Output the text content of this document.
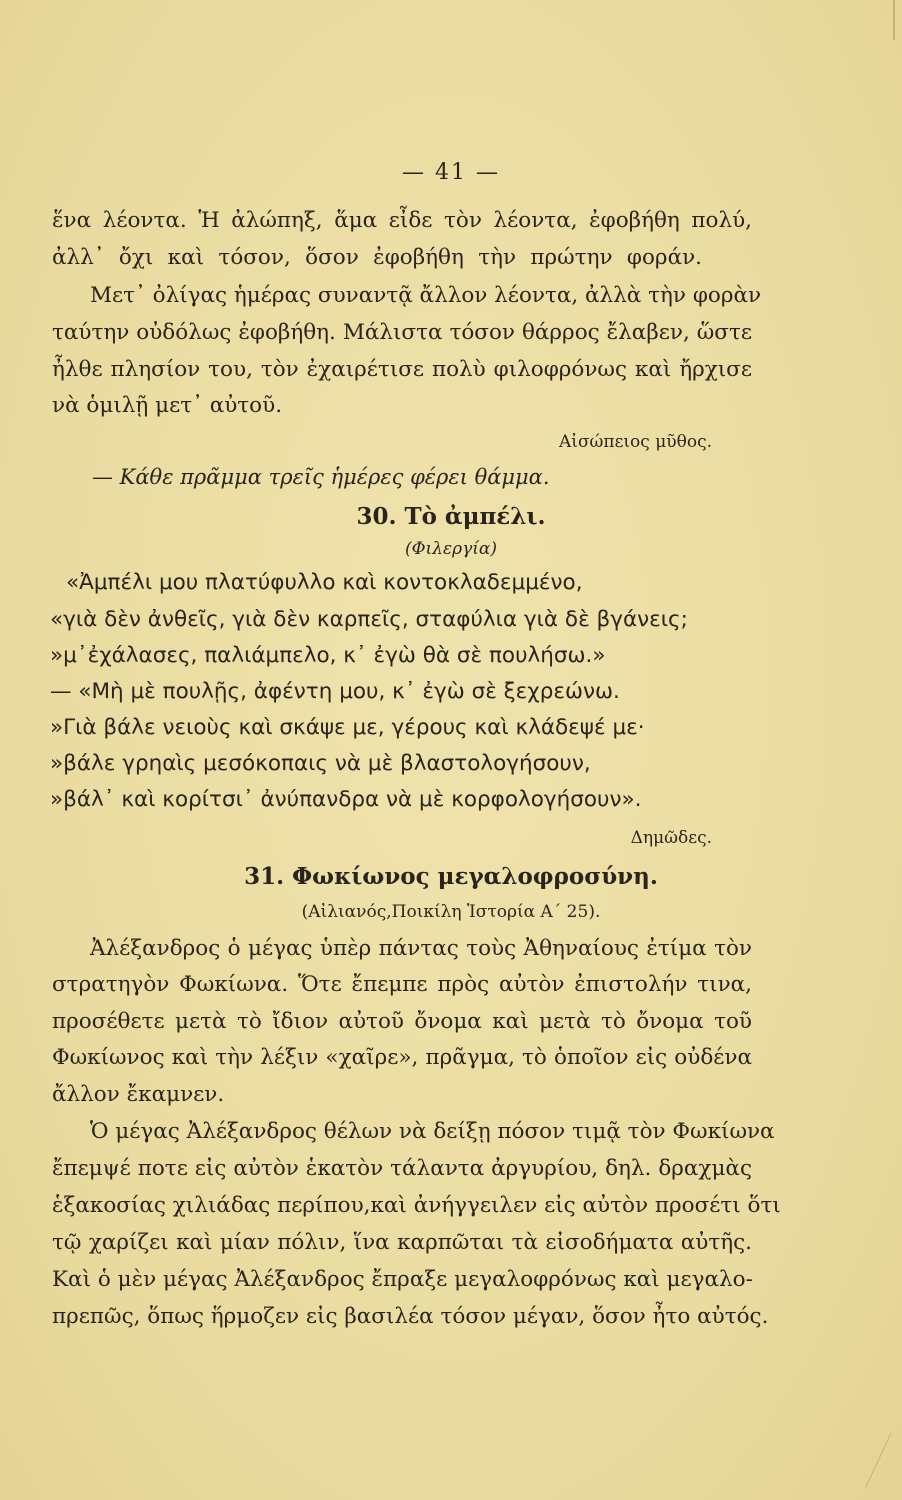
— 41 —
ἕνα λέοντα. Ἡ ἀλώπηξ, ἅμα εἶδε τὸν λέοντα, ἐφοβήθη πολύ,
ἀλλ᾽ ὄχι καὶ τόσον, ὅσον ἐφοβήθη τὴν πρώτην φοράν.
Μετ᾽ ὀλίγας ἡμέρας συναντᾷ ἄλλον λέοντα, ἀλλὰ τὴν φορὰν
ταύτην οὐδόλως ἐφοβήθη. Μάλιστα τόσον θάρρος ἔλαβεν, ὥστε
ἦλθε πλησίον του, τὸν ἐχαιρέτισε πολὺ φιλοφρόνως καὶ ἤρχισε
νὰ ὁμιλῇ μετ᾽ αὐτοῦ.
Αἰσώπειος μῦθος.
— Κάθε πρᾶμμα τρεῖς ἡμέρες φέρει θάμμα.
30. Τὸ ἀμπέλι.
(Φιλεργία)
«Ἀμπέλι μου πλατύφυλλο καὶ κοντοκλαδεμμένο,
«γιὰ δὲν ἀνθεῖς, γιὰ δὲν καρπεῖς, σταφύλια γιὰ δὲ βγάνεις;
»μ᾽ἐχάλασες, παλιάμπελο, κ᾽ ἐγὼ θὰ σὲ πουλήσω.»
— «Μὴ μὲ πουλῇς, ἀφέντη μου, κ᾽ ἐγὼ σὲ ξεχρεώνω.
»Γιὰ βάλε νειοὺς καὶ σκάψε με, γέρους καὶ κλάδεψέ με·
»βάλε γρηαὶς μεσόκοπαις νὰ μὲ βλαστολογήσουν,
»βάλ᾽ καὶ κορίτσι᾽ ἀνύπανδρα νὰ μὲ κορφολογήσουν».
Δημῶδες.
31. Φωκίωνος μεγαλοφροσύνη.
(Αἰλιανός,Ποικίλη Ἱστορία Α΄ 25).
Ἀλέξανδρος ὁ μέγας ὑπὲρ πάντας τοὺς Ἀθηναίους ἐτίμα τὸν
στρατηγὸν Φωκίωνα. Ὅτε ἔπεμπε πρὸς αὐτὸν ἐπιστολήν τινα,
προσέθετε μετὰ τὸ ἴδιον αὐτοῦ ὄνομα καὶ μετὰ τὸ ὄνομα τοῦ
Φωκίωνος καὶ τὴν λέξιν «χαῖρε», πρᾶγμα, τὸ ὁποῖον εἰς οὐδένα
ἄλλον ἔκαμνεν.
Ὁ μέγας Ἀλέξανδρος θέλων νὰ δείξῃ πόσον τιμᾷ τὸν Φωκίωνα
ἔπεμψέ ποτε εἰς αὐτὸν ἑκατὸν τάλαντα ἀργυρίου, δηλ. δραχμὰς
ἑξακοσίας χιλιάδας περίπου,καὶ ἀνήγγειλεν εἰς αὐτὸν προσέτι ὅτι
τῷ χαρίζει καὶ μίαν πόλιν, ἵνα καρπῶται τὰ εἰσοδήματα αὐτῆς.
Καὶ ὁ μὲν μέγας Ἀλέξανδρος ἔπραξε μεγαλοφρόνως καὶ μεγαλο-
πρεπῶς, ὅπως ἥρμοζεν εἰς βασιλέα τόσον μέγαν, ὅσον ἦτο αὐτός.
